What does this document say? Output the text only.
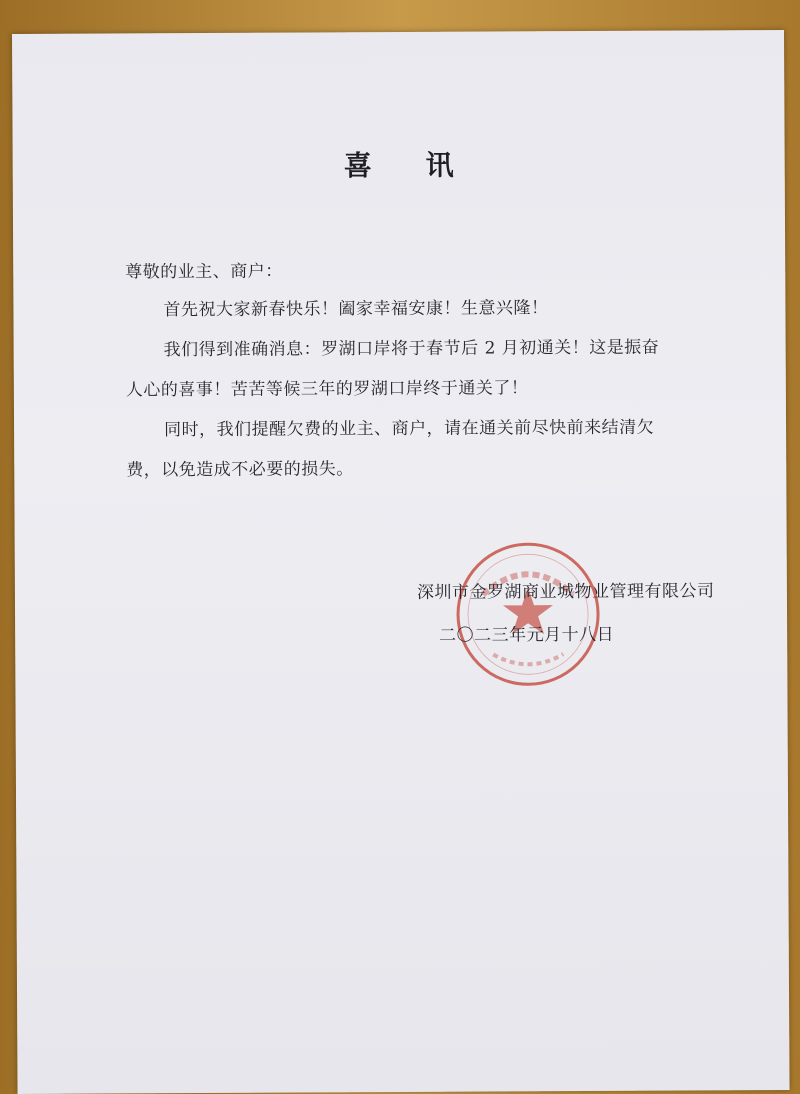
喜 讯
尊敬的业主、商户：
首先祝大家新春快乐！阖家幸福安康！生意兴隆！
我们得到准确消息：罗湖口岸将于春节后 2 月初通关！这是振奋
人心的喜事！苦苦等候三年的罗湖口岸终于通关了！
同时，我们提醒欠费的业主、商户，请在通关前尽快前来结清欠
费，以免造成不必要的损失。
深圳市金罗湖商业城物业管理有限公司
二〇二三年元月十八日
